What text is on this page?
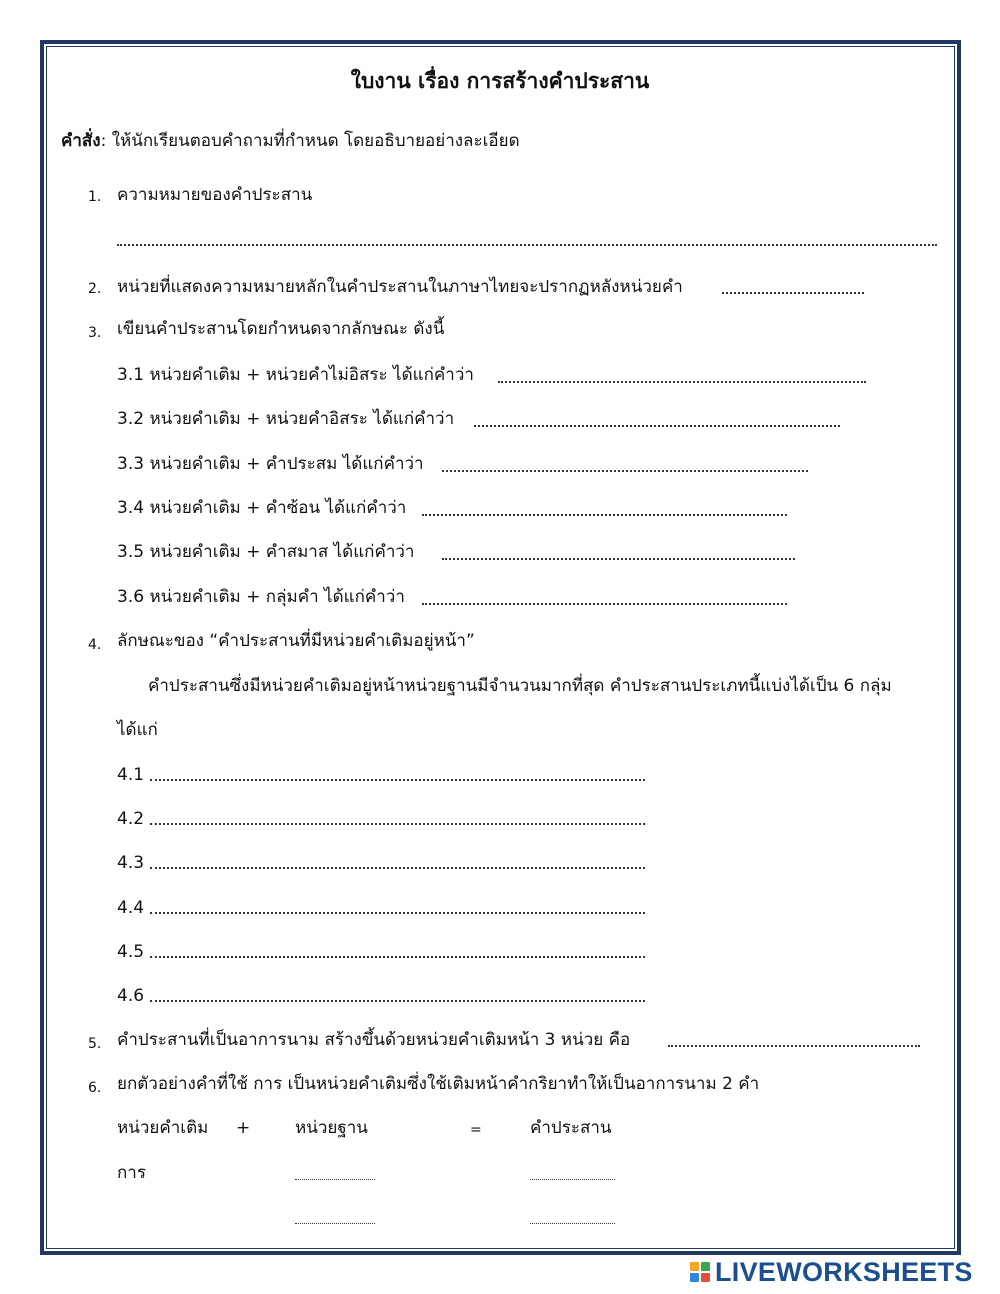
ใบงาน เรื่อง การสร้างคำประสาน
คำสั่ง: ให้นักเรียนตอบคำถามที่กำหนด โดยอธิบายอย่างละเอียด
1. ความหมายของคำประสาน
2. หน่วยที่แสดงความหมายหลักในคำประสานในภาษาไทยจะปรากฏหลังหน่วยคำ
3. เขียนคำประสานโดยกำหนดจากลักษณะ ดังนี้
3.1 หน่วยคำเติม + หน่วยคำไม่อิสระ ได้แก่คำว่า
3.2 หน่วยคำเติม + หน่วยคำอิสระ ได้แก่คำว่า
3.3 หน่วยคำเติม + คำประสม ได้แก่คำว่า
3.4 หน่วยคำเติม + คำซ้อน ได้แก่คำว่า
3.5 หน่วยคำเติม + คำสมาส ได้แก่คำว่า
3.6 หน่วยคำเติม + กลุ่มคำ ได้แก่คำว่า
4. ลักษณะของ “คำประสานที่มีหน่วยคำเติมอยู่หน้า”
คำประสานซึ่งมีหน่วยคำเติมอยู่หน้าหน่วยฐานมีจำนวนมากที่สุด คำประสานประเภทนี้แบ่งได้เป็น 6 กลุ่ม
ได้แก่
4.1
4.2
4.3
4.4
4.5
4.6
5. คำประสานที่เป็นอาการนาม สร้างขึ้นด้วยหน่วยคำเติมหน้า 3 หน่วย คือ
6. ยกตัวอย่างคำที่ใช้ การ เป็นหน่วยคำเติมซึ่งใช้เติมหน้าคำกริยาทำให้เป็นอาการนาม 2 คำ
หน่วยคำเติม +	หน่วยฐาน	=	คำประสาน
การ
LIVEWORKSHEETS
